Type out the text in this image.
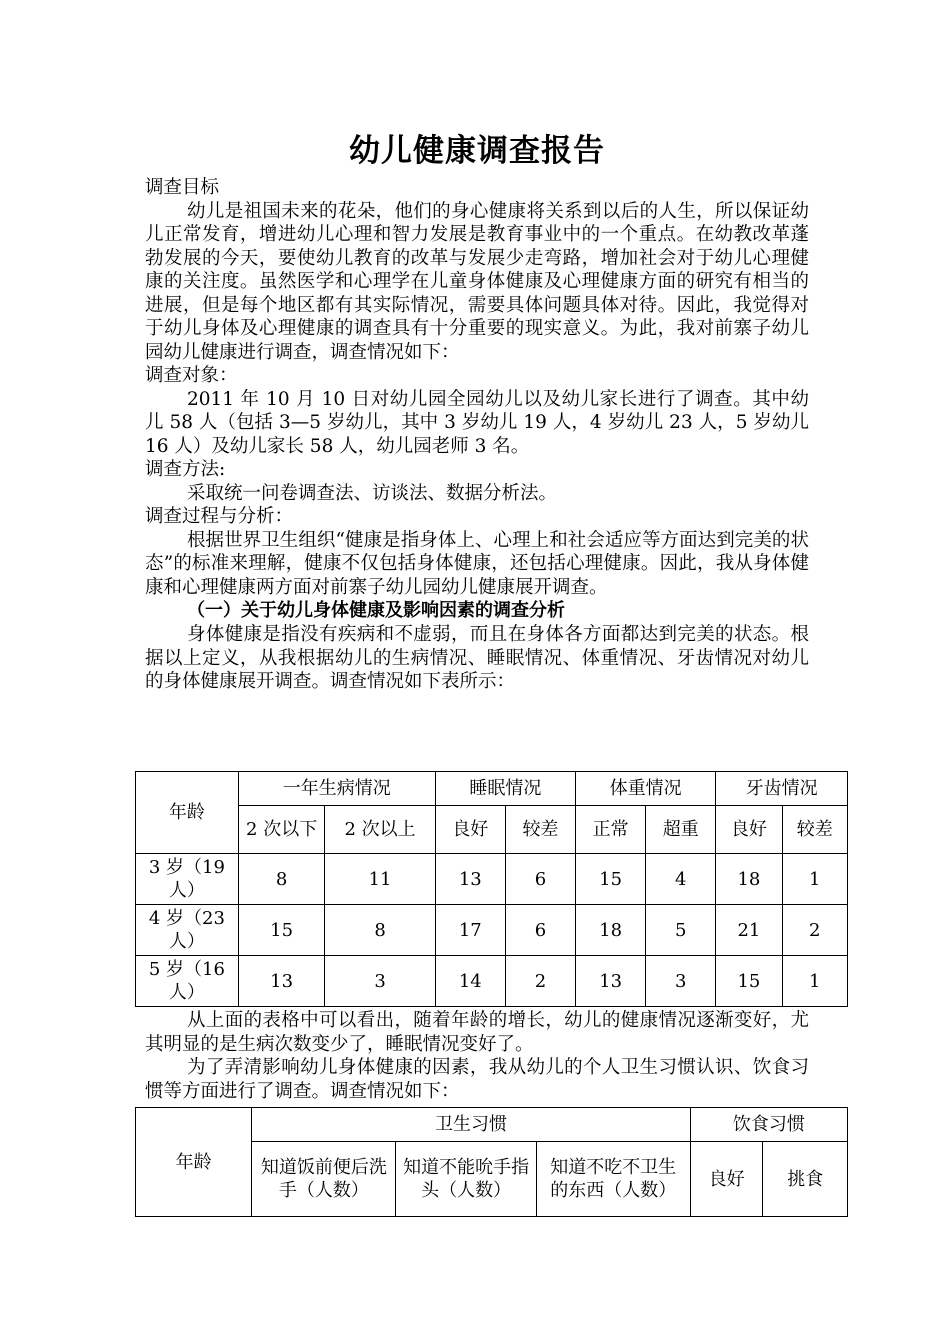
幼儿健康调查报告

调查目标

幼儿是祖国未来的花朵，他们的身心健康将关系到以后的人生，所以保证幼儿正常发育，增进幼儿心理和智力发展是教育事业中的一个重点。在幼教改革蓬勃发展的今天，要使幼儿教育的改革与发展少走弯路，增加社会对于幼儿心理健康的关注度。虽然医学和心理学在儿童身体健康及心理健康方面的研究有相当的进展，但是每个地区都有其实际情况，需要具体问题具体对待。因此，我觉得对于幼儿身体及心理健康的调查具有十分重要的现实意义。为此，我对前寨子幼儿园幼儿健康进行调查，调查情况如下：

调查对象：

2011 年 10 月 10 日对幼儿园全园幼儿以及幼儿家长进行了调查。其中幼儿 58 人（包括 3—5 岁幼儿，其中 3 岁幼儿 19 人，4 岁幼儿 23 人，5 岁幼儿 16 人）及幼儿家长 58 人，幼儿园老师 3 名。

调查方法:

采取统一问卷调查法、访谈法、数据分析法。

调查过程与分析：

根据世界卫生组织“健康是指身体上、心理上和社会适应等方面达到完美的状态”的标准来理解，健康不仅包括身体健康，还包括心理健康。因此，我从身体健康和心理健康两方面对前寨子幼儿园幼儿健康展开调查。

（一）关于幼儿身体健康及影响因素的调查分析

身体健康是指没有疾病和不虚弱，而且在身体各方面都达到完美的状态。根据以上定义，从我根据幼儿的生病情况、睡眠情况、体重情况、牙齿情况对幼儿的身体健康展开调查。调查情况如下表所示：

年龄	一年生病情况		睡眠情况		体重情况		牙齿情况	
	2 次以下	2 次以上	良好	较差	正常	超重	良好	较差
3 岁（19 人）	8	11	13	6	15	4	18	1
4 岁（23 人）	15	8	17	6	18	5	21	2
5 岁（16 人）	13	3	14	2	13	3	15	1

从上面的表格中可以看出，随着年龄的增长，幼儿的健康情况逐渐变好，尤其明显的是生病次数变少了，睡眠情况变好了。

为了弄清影响幼儿身体健康的因素，我从幼儿的个人卫生习惯认识、饮食习惯等方面进行了调查。调查情况如下：

年龄	卫生习惯			饮食习惯	
	知道饭前便后洗手（人数）	知道不能吮手指头（人数）	知道不吃不卫生的东西（人数）	良好	挑食
